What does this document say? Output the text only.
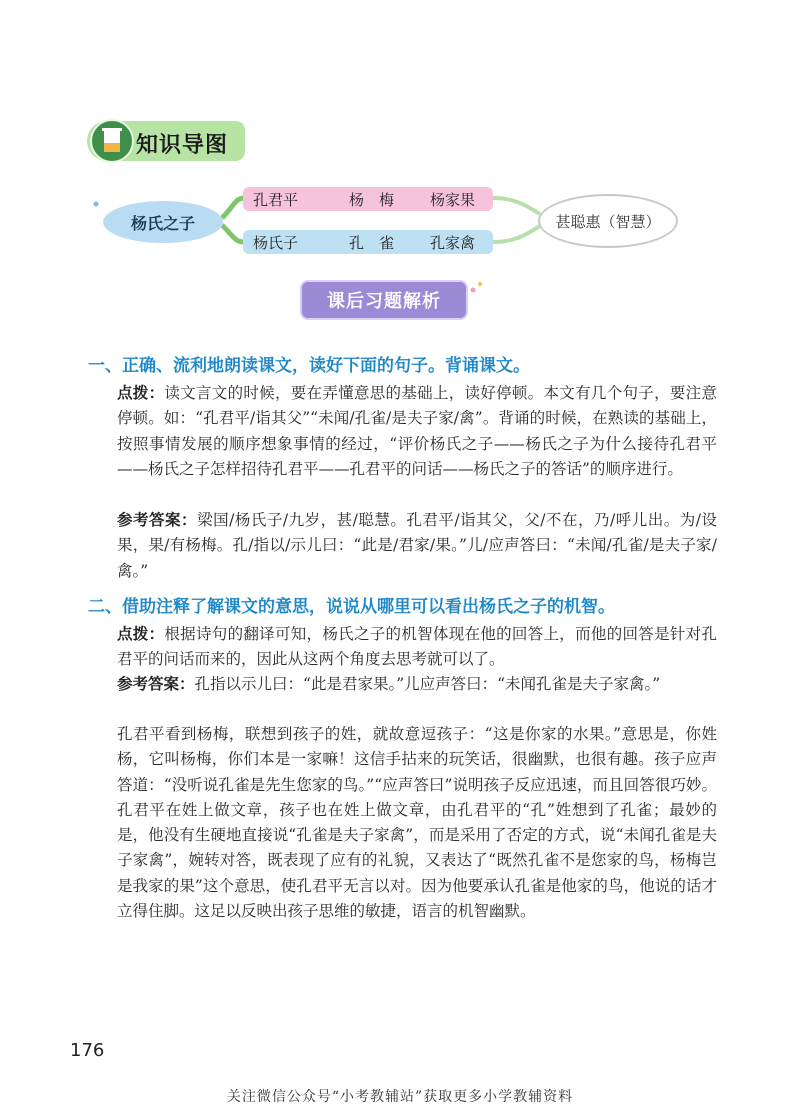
知识导图
杨氏之子
孔君平	杨　梅 杨家果
杨氏子	孔　雀 孔家禽
甚聪惠（智慧）
课后习题解析
一、正确、流利地朗读课文，读好下面的句子。背诵课文。
点拨：读文言文的时候，要在弄懂意思的基础上，读好停顿。本文有几个句子，要注意停顿。如：“孔君平/诣其父”“未闻/孔雀/是夫子家/禽”。背诵的时候，在熟读的基础上，按照事情发展的顺序想象事情的经过，“评价杨氏之子——杨氏之子为什么接待孔君平——杨氏之子怎样招待孔君平——孔君平的问话——杨氏之子的答话”的顺序进行。
参考答案：梁国/杨氏子/九岁，甚/聪慧。孔君平/诣其父，父/不在，乃/呼儿出。为/设果，果/有杨梅。孔/指以/示儿曰：“此是/君家/果。”儿/应声答曰：“未闻/孔雀/是夫子家/禽。”
二、借助注释了解课文的意思，说说从哪里可以看出杨氏之子的机智。
点拨：根据诗句的翻译可知，杨氏之子的机智体现在他的回答上，而他的回答是针对孔君平的问话而来的，因此从这两个角度去思考就可以了。
参考答案：孔指以示儿曰：“此是君家果。”儿应声答曰：“未闻孔雀是夫子家禽。”
孔君平看到杨梅，联想到孩子的姓，就故意逗孩子：“这是你家的水果。”意思是，你姓杨，它叫杨梅，你们本是一家嘛！这信手拈来的玩笑话，很幽默，也很有趣。孩子应声答道：“没听说孔雀是先生您家的鸟。”“应声答曰”说明孩子反应迅速，而且回答很巧妙。孔君平在姓上做文章，孩子也在姓上做文章，由孔君平的“孔”姓想到了孔雀；最妙的是，他没有生硬地直接说“孔雀是夫子家禽”，而是采用了否定的方式，说“未闻孔雀是夫子家禽”，婉转对答，既表现了应有的礼貌，又表达了“既然孔雀不是您家的鸟，杨梅岂是我家的果”这个意思，使孔君平无言以对。因为他要承认孔雀是他家的鸟，他说的话才立得住脚。这足以反映出孩子思维的敏捷，语言的机智幽默。
176
关注微信公众号“小考教辅站”获取更多小学教辅资料
